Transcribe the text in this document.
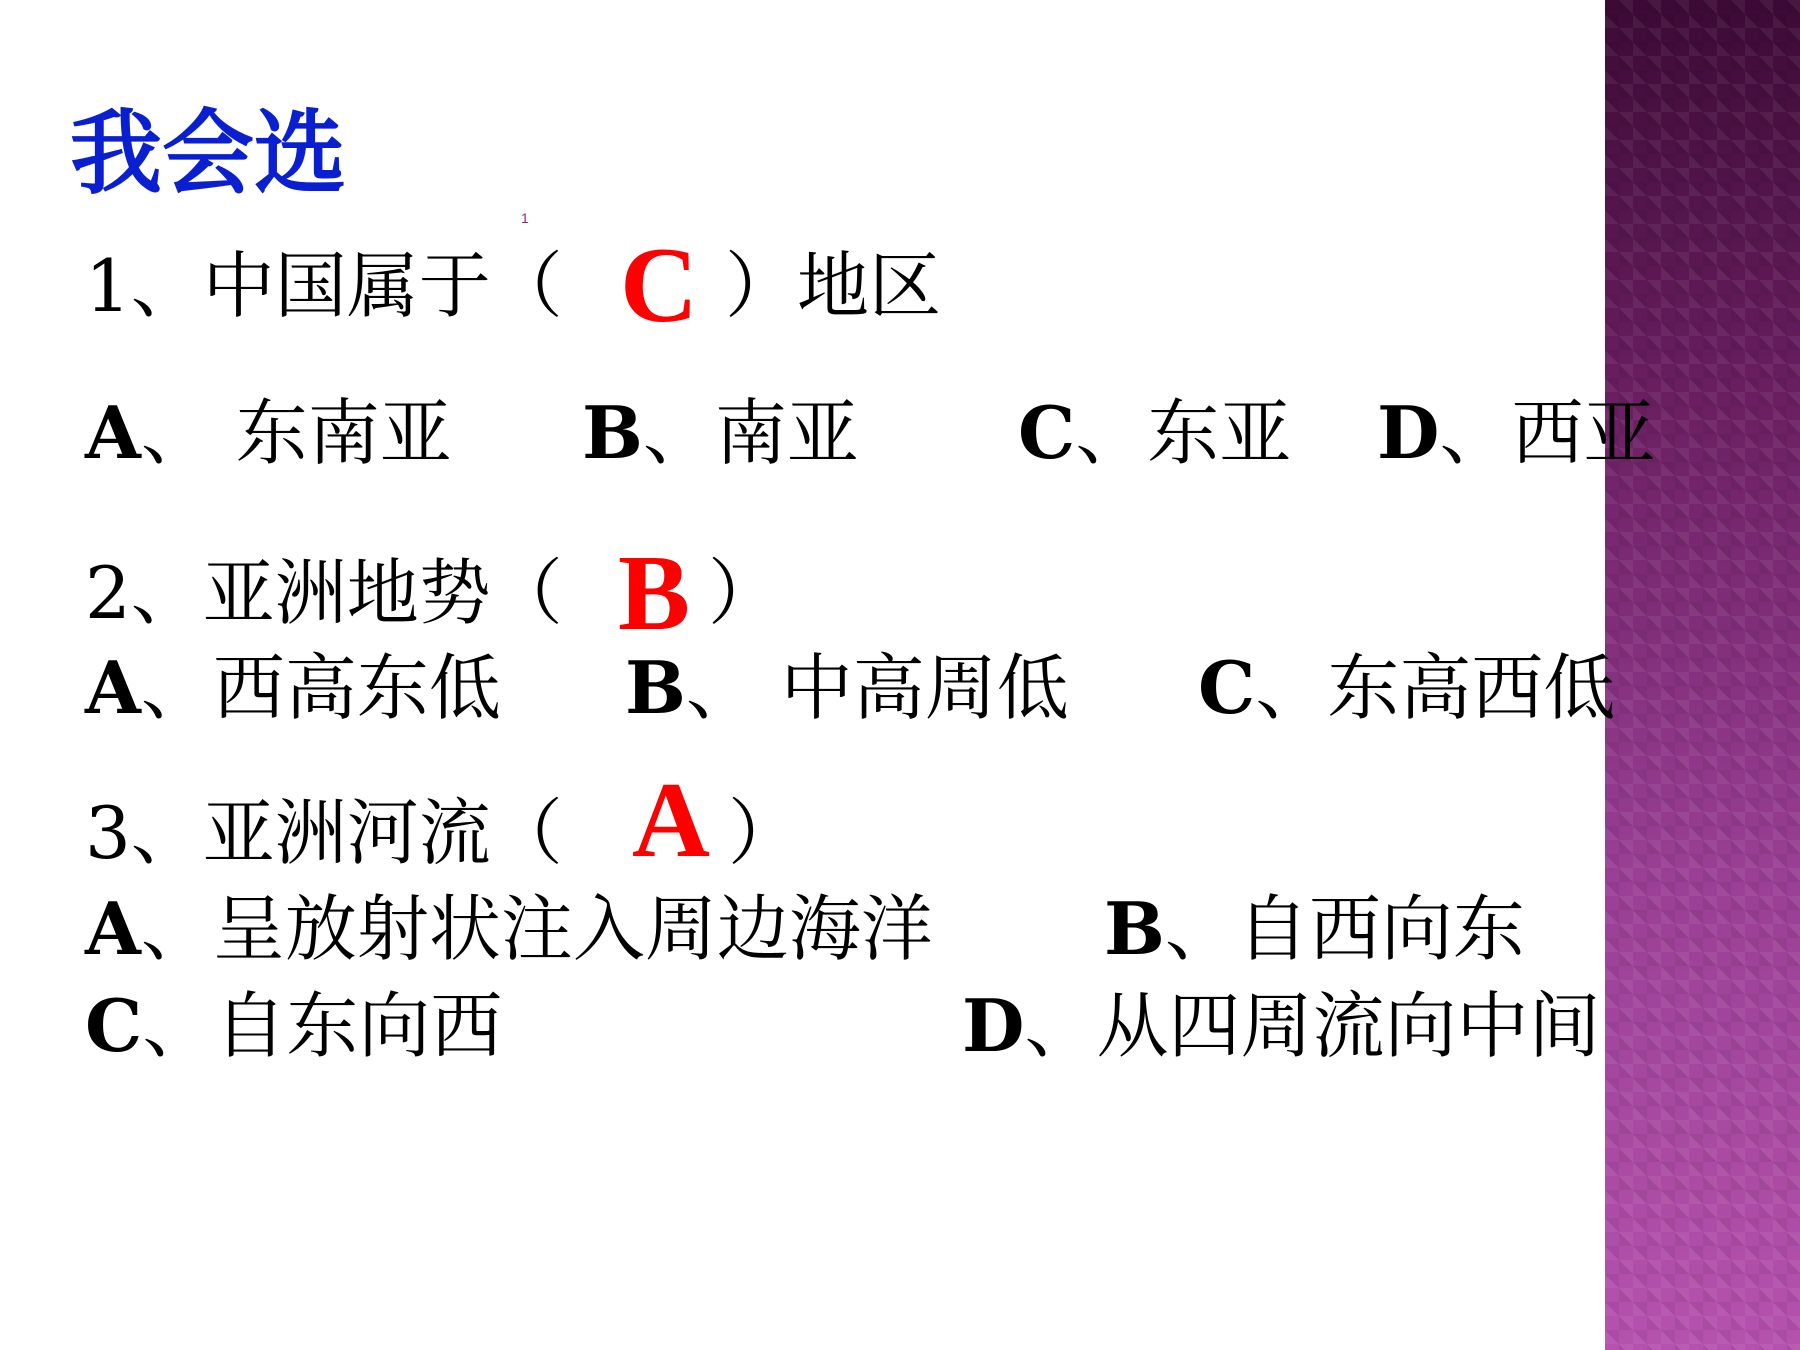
我会选
1
1、中国属于（ C ）地区
A、 东南亚 B、南亚 C、东亚 D、西亚
2、亚洲地势（ B ）
A、西高东低 B、 中高周低 C、东高西低
3、亚洲河流（ A ）
A、呈放射状注入周边海洋 B、自西向东
C、自东向西	D、从四周流向中间
